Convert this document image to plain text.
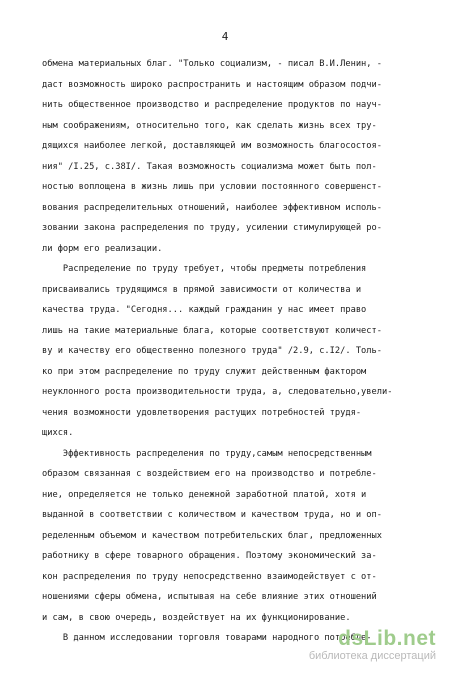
4
обмена материальных благ. "Только социализм, - писал В.И.Ленин, -
даст возможность широко распространить и настоящим образом подчи-
нить общественное производство и распределение продуктов по науч-
ным соображениям, относительно того, как сделать жизнь всех тру-
дящихся наиболее легкой, доставляющей им возможность благосостоя-
ния" /I.25, с.38I/. Такая возможность социализма может быть пол-
ностью воплощена в жизнь лишь при условии постоянного совершенст-
вования распределительных отношений, наиболее эффективном исполь-
зовании закона распределения по труду, усилении стимулирующей ро-
ли форм его реализации.
Распределение по труду требует, чтобы предметы потребления
присваивались трудящимся в прямой зависимости от количества и
качества труда. "Сегодня... каждый гражданин у нас имеет право
лишь на такие материальные блага, которые соответствуют количест-
ву и качеству его общественно полезного труда" /2.9, с.I2/. Толь-
ко при этом распределение по труду служит действенным фактором
неуклонного роста производительности труда, а, следовательно,увели-
чения возможности удовлетворения растущих потребностей трудя-
щихся.
Эффективность распределения по труду,самым непосредственным
образом связанная с воздействием его на производство и потребле-
ние, определяется не только денежной заработной платой, хотя и
выданной в соответствии с количеством и качеством труда, но и оп-
ределенным объемом и качеством потребительских благ, предложенных
работнику в сфере товарного обращения. Поэтому экономический за-
кон распределения по труду непосредственно взаимодействует с от-
ношениями сферы обмена, испытывая на себе влияние этих отношений
и сам, в свою очередь, воздействует на их функционирование.
В данном исследовании торговля товарами народного потребле-
dsLib.net
библиотека диссертаций
